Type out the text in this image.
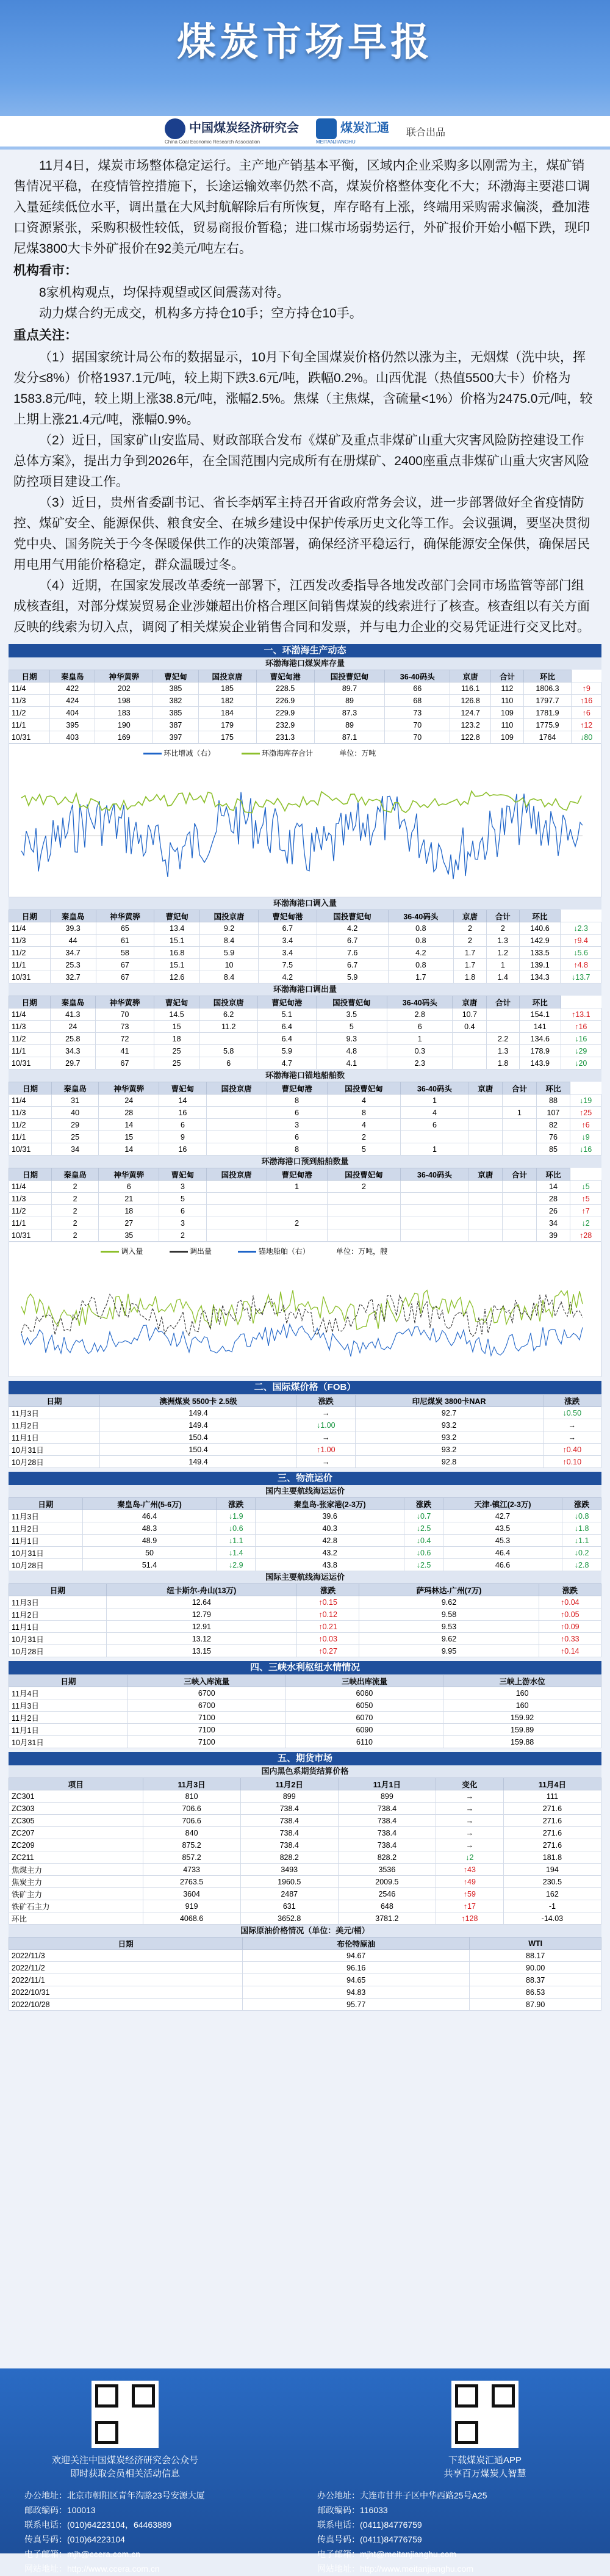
煤炭市场早报
中国煤炭经济研究会
China Coal Economic Research Association
煤炭汇通
MEITANJIANGHU
联合出品

11月4日，煤炭市场整体稳定运行。主产地产销基本平衡，区域内企业采购多以刚需为主，煤矿销售情况平稳，在疫情管控措施下，长途运输效率仍然不高，煤炭价格整体变化不大；环渤海主要港口调入量延续低位水平，调出量在大风封航解除后有所恢复，库存略有上涨，终端用采购需求偏淡，叠加港口资源紧张，采购积极性较低，贸易商报价暂稳；进口煤市场弱势运行，外矿报价开始小幅下跌，现印尼煤3800大卡外矿报价在92美元/吨左右。

机构看市：

8家机构观点，均保持观望或区间震荡对待。

动力煤合约无成交，机构多方持仓10手；空方持仓10手。

重点关注：

（1）据国家统计局公布的数据显示，10月下旬全国煤炭价格仍然以涨为主，无烟煤（洗中块，挥发分≤8%）价格1937.1元/吨，较上期下跌3.6元/吨，跌幅0.2%。山西优混（热值5500大卡）价格为1583.8元/吨，较上期上涨38.8元/吨，涨幅2.5%。焦煤（主焦煤，含硫量<1%）价格为2475.0元/吨，较上期上涨21.4元/吨，涨幅0.9%。

（2）近日，国家矿山安监局、财政部联合发布《煤矿及重点非煤矿山重大灾害风险防控建设工作总体方案》，提出力争到2026年，在全国范围内完成所有在册煤矿、2400座重点非煤矿山重大灾害风险防控项目建设工作。

（3）近日，贵州省委副书记、省长李炳军主持召开省政府常务会议，进一步部署做好全省疫情防控、煤矿安全、能源保供、粮食安全、在城乡建设中保护传承历史文化等工作。会议强调，要坚决贯彻党中央、国务院关于今冬保暖保供工作的决策部署，确保经济平稳运行，确保能源安全保供，确保居民用电用气用能价格稳定，群众温暖过冬。

（4）近期，在国家发展改革委统一部署下，江西发改委指导各地发改部门会同市场监管等部门组成核查组，对部分煤炭贸易企业涉嫌超出价格合理区间销售煤炭的线索进行了核查。核查组以有关方面反映的线索为切入点，调阅了相关煤炭企业销售合同和发票，并与电力企业的交易凭证进行交叉比对。

一、环渤海生产动态
环渤海港口煤炭库存量
日期	秦皇岛	神华黄骅	曹妃甸	国投京唐	曹妃甸港	国投曹妃甸	36-40码头	京唐	合计	环比	
11/4	422	202	385	185	228.5	89.7	66	116.1	112	1806.3	↑9
11/3	424	198	382	182	226.9	89	68	126.8	110	1797.7	↑16
11/2	404	183	385	184	229.9	87.3	73	124.7	109	1781.9	↑6
11/1	395	190	387	179	232.9	89	70	123.2	110	1775.9	↑12
10/31	403	169	397	175	231.3	87.1	70	122.8	109	1764	↓80
环比增减（右）	环渤海库存合计	单位：万吨
环渤海港口调入量
日期	秦皇岛	神华黄骅	曹妃甸	国投京唐	曹妃甸港	国投曹妃甸	36-40码头	京唐	合计	环比	
11/4	39.3	65	13.4	9.2	6.7	4.2	0.8	2	2	140.6	↓2.3
11/3	44	61	15.1	8.4	3.4	6.7	0.8	2	1.3	142.9	↑9.4
11/2	34.7	58	16.8	5.9	3.4	7.6	4.2	1.7	1.2	133.5	↓5.6
11/1	25.3	67	15.1	10	7.5	6.7	0.8	1.7	1	139.1	↑4.8
10/31	32.7	67	12.6	8.4	4.2	5.9	1.7	1.8	1.4	134.3	↓13.7
环渤海港口调出量
日期	秦皇岛	神华黄骅	曹妃甸	国投京唐	曹妃甸港	国投曹妃甸	36-40码头	京唐	合计	环比	
11/4	41.3	70	14.5	6.2	5.1	3.5	2.8	10.7		154.1	↑13.1
11/3	24	73	15	11.2	6.4	5	6	0.4		141	↑16
11/2	25.8	72	18		6.4	9.3	1		2.2	134.6	↓16
11/1	34.3	41	25	5.8	5.9	4.8	0.3		1.3	178.9	↓29
10/31	29.7	67	25	6	4.7	4.1	2.3		1.8	143.9	↓20
环渤海港口锚地船舶数
日期	秦皇岛	神华黄骅	曹妃甸	国投京唐	曹妃甸港	国投曹妃甸	36-40码头	京唐	合计	环比	
11/4	31	24	14		8	4	1			88	↓19
11/3	40	28	16		6	8	4		1	107	↑25
11/2	29	14	6		3	4	6			82	↑6
11/1	25	15	9		6	2				76	↓9
10/31	34	14	16		8	5	1			85	↓16
环渤海港口预到船舶数量
日期	秦皇岛	神华黄骅	曹妃甸	国投京唐	曹妃甸港	国投曹妃甸	36-40码头	京唐	合计	环比	
11/4	2	6	3		1	2				14	↓5
11/3	2	21	5							28	↑5
11/2	2	18	6							26	↑7
11/1	2	27	3		2					34	↓2
10/31	2	35	2							39	↑28
调入量	调出量	锚地船舶（右）	单位：万吨，艘
二、国际煤价格（FOB）
日期	澳洲煤炭 5500卡 2.5级	涨跌	印尼煤炭 3800卡NAR	涨跌
11月3日	149.4	→	92.7	↓0.50
11月2日	149.4	↓1.00	93.2	→
11月1日	150.4	→	93.2	→
10月31日	150.4	↑1.00	93.2	↑0.40
10月28日	149.4	→	92.8	↑0.10
三、物流运价
国内主要航线海运运价
日期	秦皇岛-广州(5-6万)	涨跌	秦皇岛-张家港(2-3万)	涨跌	天津-镇江(2-3万)	涨跌
11月3日	46.4	↓1.9	39.6	↓0.7	42.7	↓0.8
11月2日	48.3	↓0.6	40.3	↓2.5	43.5	↓1.8
11月1日	48.9	↓1.1	42.8	↓0.4	45.3	↓1.1
10月31日	50	↓1.4	43.2	↓0.6	46.4	↓0.2
10月28日	51.4	↓2.9	43.8	↓2.5	46.6	↓2.8
国际主要航线海运运价
日期	纽卡斯尔-舟山(13万)	涨跌	萨玛林达-广州(7万)	涨跌
11月3日	12.64	↑0.15	9.62	↑0.04
11月2日	12.79	↑0.12	9.58	↑0.05
11月1日	12.91	↑0.21	9.53	↑0.09
10月31日	13.12	↑0.03	9.62	↑0.33
10月28日	13.15	↑0.27	9.95	↑0.14
四、三峡水利枢纽水情情况
日期	三峡入库流量	三峡出库流量	三峡上游水位
11月4日	6700	6060	160
11月3日	6700	6050	160
11月2日	7100	6070	159.92
11月1日	7100	6090	159.89
10月31日	7100	6110	159.88
五、期货市场
国内黑色系期货结算价格
项目	11月3日	11月2日	11月1日	变化	11月4日
ZC301	810	899	899	→	111
ZC303	706.6	738.4	738.4	→	271.6
ZC305	706.6	738.4	738.4	→	271.6
ZC207	840	738.4	738.4	→	271.6
ZC209	875.2	738.4	738.4	→	271.6
ZC211	857.2	828.2	828.2	↓2	181.8
焦煤主力	4733	3493	3536	↑43	194
焦炭主力	2763.5	1960.5	2009.5	↑49	230.5
铁矿主力	3604	2487	2546	↑59	162
铁矿石主力	919	631	648	↑17	-1
环比	4068.6	3652.8	3781.2	↑128	-14.03
国际原油价格情况（单位：美元/桶）
日期	布伦特原油	WTI
2022/11/3	94.67	88.17
2022/11/2	96.16	90.00
2022/11/1	94.65	88.37
2022/10/31	94.83	86.53
2022/10/28	95.77	87.90
欢迎关注中国煤炭经济研究会公众号
即时获取会员相关活动信息
下载煤炭汇通APP
共享百万煤炭人智慧
办公地址：北京市朝阳区青年沟路23号安源大厦
邮政编码：100013
联系电话：(010)64223104，64463889
传真号码：(010)64223104
电子邮箱：mjh@ccera.com.cn
网站地址：http://www.ccera.com.cn
办公地址：大连市甘井子区中华西路25号A25
邮政编码：116033
联系电话：(0411)84776759
传真号码：(0411)84776759
电子邮箱：mjht@meitanjianghu.com
网站地址：http://www.meitanjianghu.com
